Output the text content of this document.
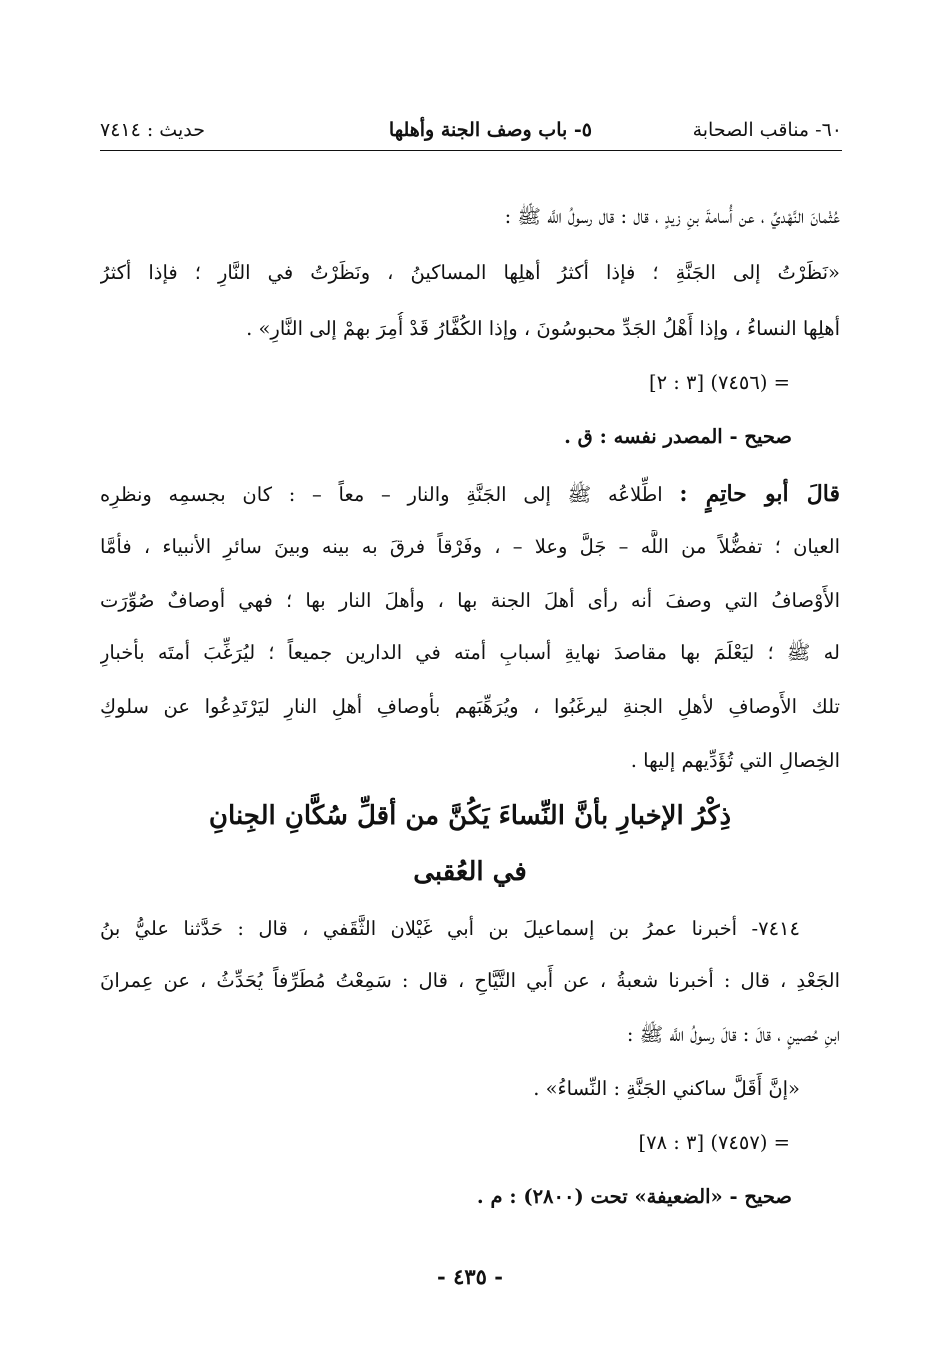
٦٠- مناقب الصحابة
٥- باب وصف الجنة وأهلها
حديث : ٧٤١٤
عُثْمانَ النَّهْديِّ ، عن أُسامةَ بنِ زيدٍ ، قال : قال رسولُ اللَّه ﷺ :
«نَظَرْتُ إلى الجَنَّةِ ؛ فإذا أكثرُ أهلِها المساكينُ ، ونَظَرْتُ في النَّارِ ؛ فإذا أكثرُ
أهلِها النساءُ ، وإذا أَهْلُ الجَدِّ محبوسُونَ ، وإذا الكُفَّارُ قَدْ أُمِرَ بهمْ إلى النَّارِ» .
= (٧٤٥٦) [٣ : ٢]
صحيح - المصدر نفسه : ق .
قالَ أبو حاتِمٍ : اطِّلاعُه ﷺ إلى الجَنَّةِ والنار – معاً – : كان بجسمِه ونظرِه
العيان ؛ تفضُّلاً من اللَّه – جَلَّ وعلا – ، وفَرْقاً فرقَ به بينه وبينَ سائرِ الأنبياء ، فأمَّا
الأَوْصافُ التي وصفَ أنه رأى أهلَ الجنة بها ، وأهلَ النار بها ؛ فهي أوصافٌ صُوِّرَت
له ﷺ ؛ ليَعْلَمَ بها مقاصدَ نهايةِ أسبابِ أمته في الدارين جميعاً ؛ ليُرَغِّبَ أمتَه بأخبارِ
تلك الأَوصافِ لأهلِ الجنةِ ليرغَبُوا ، ويُرَهِّبَهم بأوصافِ أهلِ النارِ ليَرْتَدِعُوا عن سلوكِ
الخِصالِ التي تُؤَدِّيهم إليها .
ذِكْرُ الإخبارِ بأنَّ النِّساءَ يَكُنَّ من أقلِّ سُكَّانِ الجِنانِ
في العُقبى
٧٤١٤- أخبرنا عمرُ بن إسماعيلَ بن أبي غَيْلان الثَّقَفي ، قال : حَدَّثنا عليُّ بنُ
الجَعْدِ ، قال : أخبرنا شعبةُ ، عن أَبي التَّيَّاحِ ، قال : سَمِعْتُ مُطَرِّفاً يُحَدِّثُ ، عن عِمرانَ
ابنِ حُصينٍ ، قالَ : قالَ رسولُ اللَّه ﷺ :
«إنَّ أَقَلَّ ساكني الجَنَّةِ : النِّساءُ» .
= (٧٤٥٧) [٣ : ٧٨]
صحيح - «الضعيفة» تحت (٢٨٠٠) : م .
- ٤٣٥ -
